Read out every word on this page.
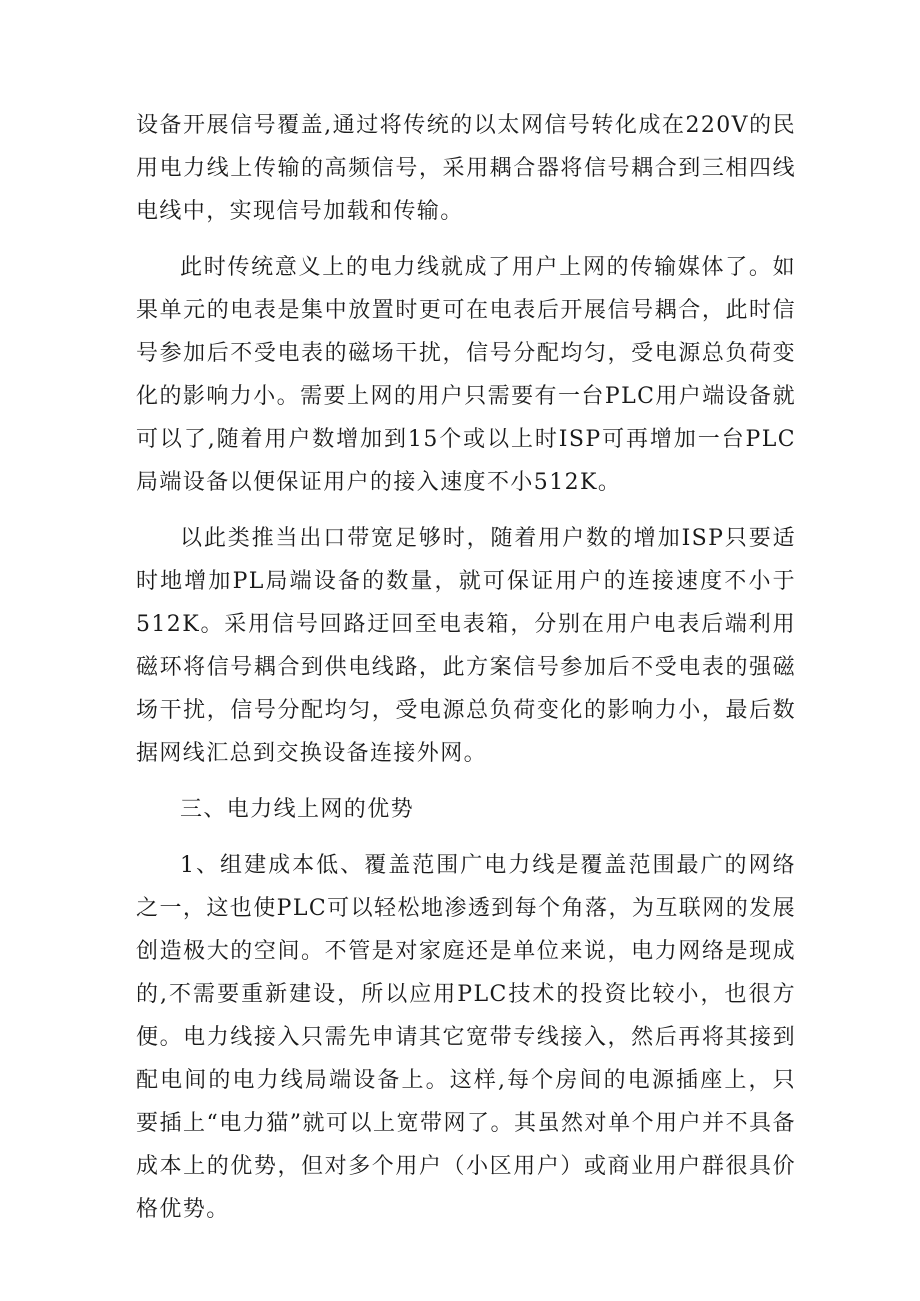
设备开展信号覆盖,通过将传统的以太网信号转化成在220V的民用电力线上传输的高频信号，采用耦合器将信号耦合到三相四线电线中，实现信号加载和传输。

此时传统意义上的电力线就成了用户上网的传输媒体了。如果单元的电表是集中放置时更可在电表后开展信号耦合，此时信号参加后不受电表的磁场干扰，信号分配均匀，受电源总负荷变化的影响力小。需要上网的用户只需要有一台PLC用户端设备就可以了,随着用户数增加到15个或以上时ISP可再增加一台PLC局端设备以便保证用户的接入速度不小512K。

以此类推当出口带宽足够时，随着用户数的增加ISP只要适时地增加PL局端设备的数量，就可保证用户的连接速度不小于512K。采用信号回路迂回至电表箱，分别在用户电表后端利用磁环将信号耦合到供电线路，此方案信号参加后不受电表的强磁场干扰，信号分配均匀，受电源总负荷变化的影响力小，最后数据网线汇总到交换设备连接外网。

三、电力线上网的优势

1、组建成本低、覆盖范围广电力线是覆盖范围最广的网络之一，这也使PLC可以轻松地渗透到每个角落，为互联网的发展创造极大的空间。不管是对家庭还是单位来说，电力网络是现成的,不需要重新建设，所以应用PLC技术的投资比较小，也很方便。电力线接入只需先申请其它宽带专线接入，然后再将其接到配电间的电力线局端设备上。这样,每个房间的电源插座上，只要插上“电力猫”就可以上宽带网了。其虽然对单个用户并不具备成本上的优势，但对多个用户（小区用户）或商业用户群很具价格优势。
